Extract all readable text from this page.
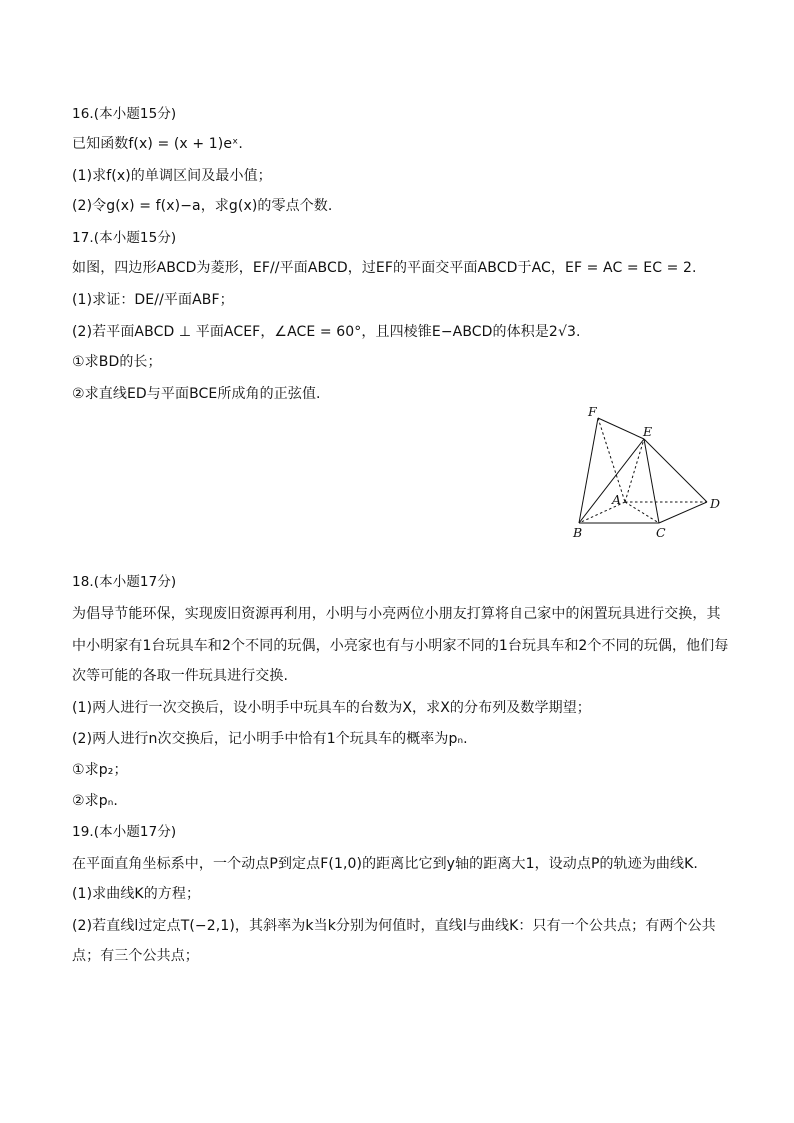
16.(本小题15分)
已知函数f(x) = (x + 1)eˣ.
(1)求f(x)的单调区间及最小值；
(2)令g(x) = f(x)−a，求g(x)的零点个数.
17.(本小题15分)
如图，四边形ABCD为菱形，EF//平面ABCD，过EF的平面交平面ABCD于AC，EF = AC = EC = 2.
(1)求证：DE//平面ABF；
(2)若平面ABCD ⊥ 平面ACEF，∠ACE = 60°，且四棱锥E−ABCD的体积是2√3.
①求BD的长；
②求直线ED与平面BCE所成角的正弦值.
F
E
A	D
B	C
18.(本小题17分)
为倡导节能环保，实现废旧资源再利用，小明与小亮两位小朋友打算将自己家中的闲置玩具进行交换，其
中小明家有1台玩具车和2个不同的玩偶，小亮家也有与小明家不同的1台玩具车和2个不同的玩偶，他们每
次等可能的各取一件玩具进行交换.
(1)两人进行一次交换后，设小明手中玩具车的台数为X，求X的分布列及数学期望；
(2)两人进行n次交换后，记小明手中恰有1个玩具车的概率为pₙ.
①求p₂；
②求pₙ.
19.(本小题17分)
在平面直角坐标系中，一个动点P到定点F(1,0)的距离比它到y轴的距离大1，设动点P的轨迹为曲线K.
(1)求曲线K的方程；
(2)若直线l过定点T(−2,1)，其斜率为k当k分别为何值时，直线l与曲线K：只有一个公共点；有两个公共
点；有三个公共点；
